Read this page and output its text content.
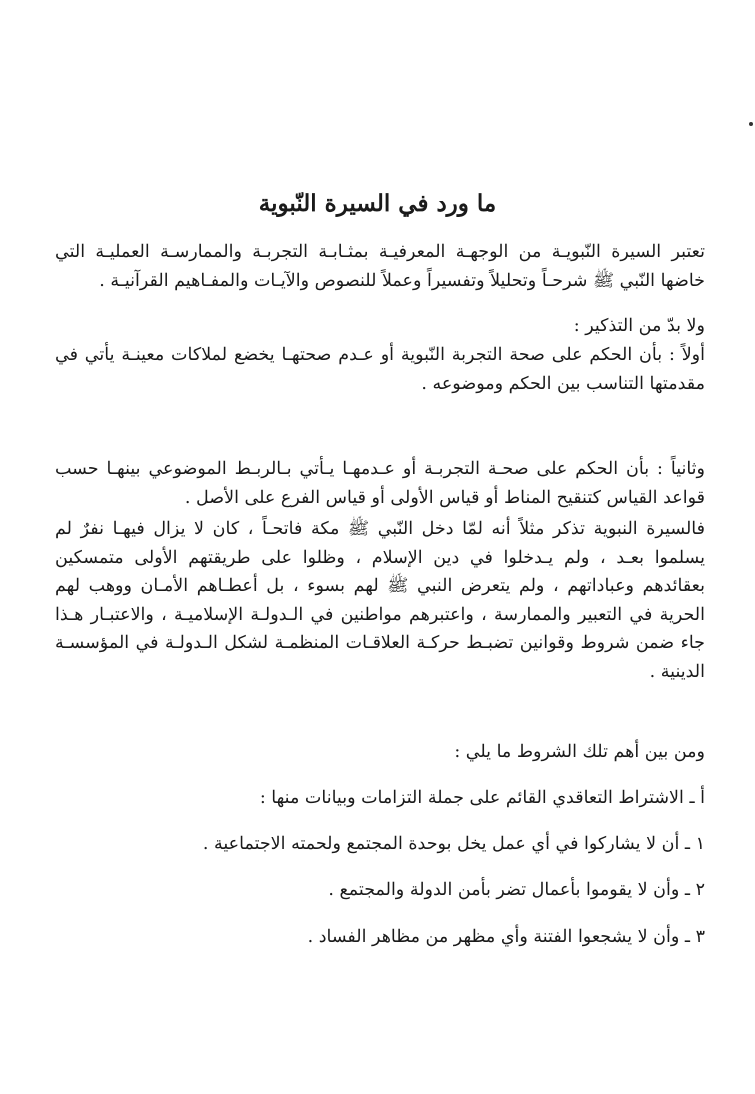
ما ورد في السيرة النّبوية

تعتبر السيرة النّبويـة من الوجهـة المعرفيـة بمثـابـة التجربـة والممارسـة العمليـة التي خاضها النّبي ﷺ شرحـاً وتحليلاً وتفسيراً وعملاً للنصوص والآيـات والمفـاهيم القرآنيـة .

ولا بدّ من التذكير :

أولاً : بأن الحكم على صحة التجربة النّبوية أو عـدم صحتهـا يخضع لملاكات معينـة يأتي في مقدمتها التناسب بين الحكم وموضوعه .

وثانياً : بأن الحكم على صحـة التجربـة أو عـدمهـا يـأتي بـالربـط الموضوعي بينهـا حسب قواعد القياس كتنقيح المناط أو قياس الأولى أو قياس الفرع على الأصل .

فالسيرة النبوية تذكر مثلاً أنه لمّا دخل النّبي ﷺ مكة فاتحـاً ، كان لا يزال فيهـا نفرٌ لم يسلموا بعـد ، ولم يـدخلوا في دين الإسلام ، وظلوا على طريقتهم الأولى متمسكين بعقائدهم وعباداتهم ، ولم يتعرض النبي ﷺ لهم بسوء ، بل أعطـاهم الأمـان ووهب لهم الحرية في التعبير والممارسة ، واعتبرهم مواطنين في الـدولـة الإسلاميـة ، والاعتبـار هـذا جاء ضمن شروط وقوانين تضبـط حركـة العلاقـات المنظمـة لشكل الـدولـة في المؤسسـة الدينية .

ومن بين أهم تلك الشروط ما يلي :

أ ـ الاشتراط التعاقدي القائم على جملة التزامات وبيانات منها :

١ ـ أن لا يشاركوا في أي عمل يخل بوحدة المجتمع ولحمته الاجتماعية .

٢ ـ وأن لا يقوموا بأعمال تضر بأمن الدولة والمجتمع .

٣ ـ وأن لا يشجعوا الفتنة وأي مظهر من مظاهر الفساد .
